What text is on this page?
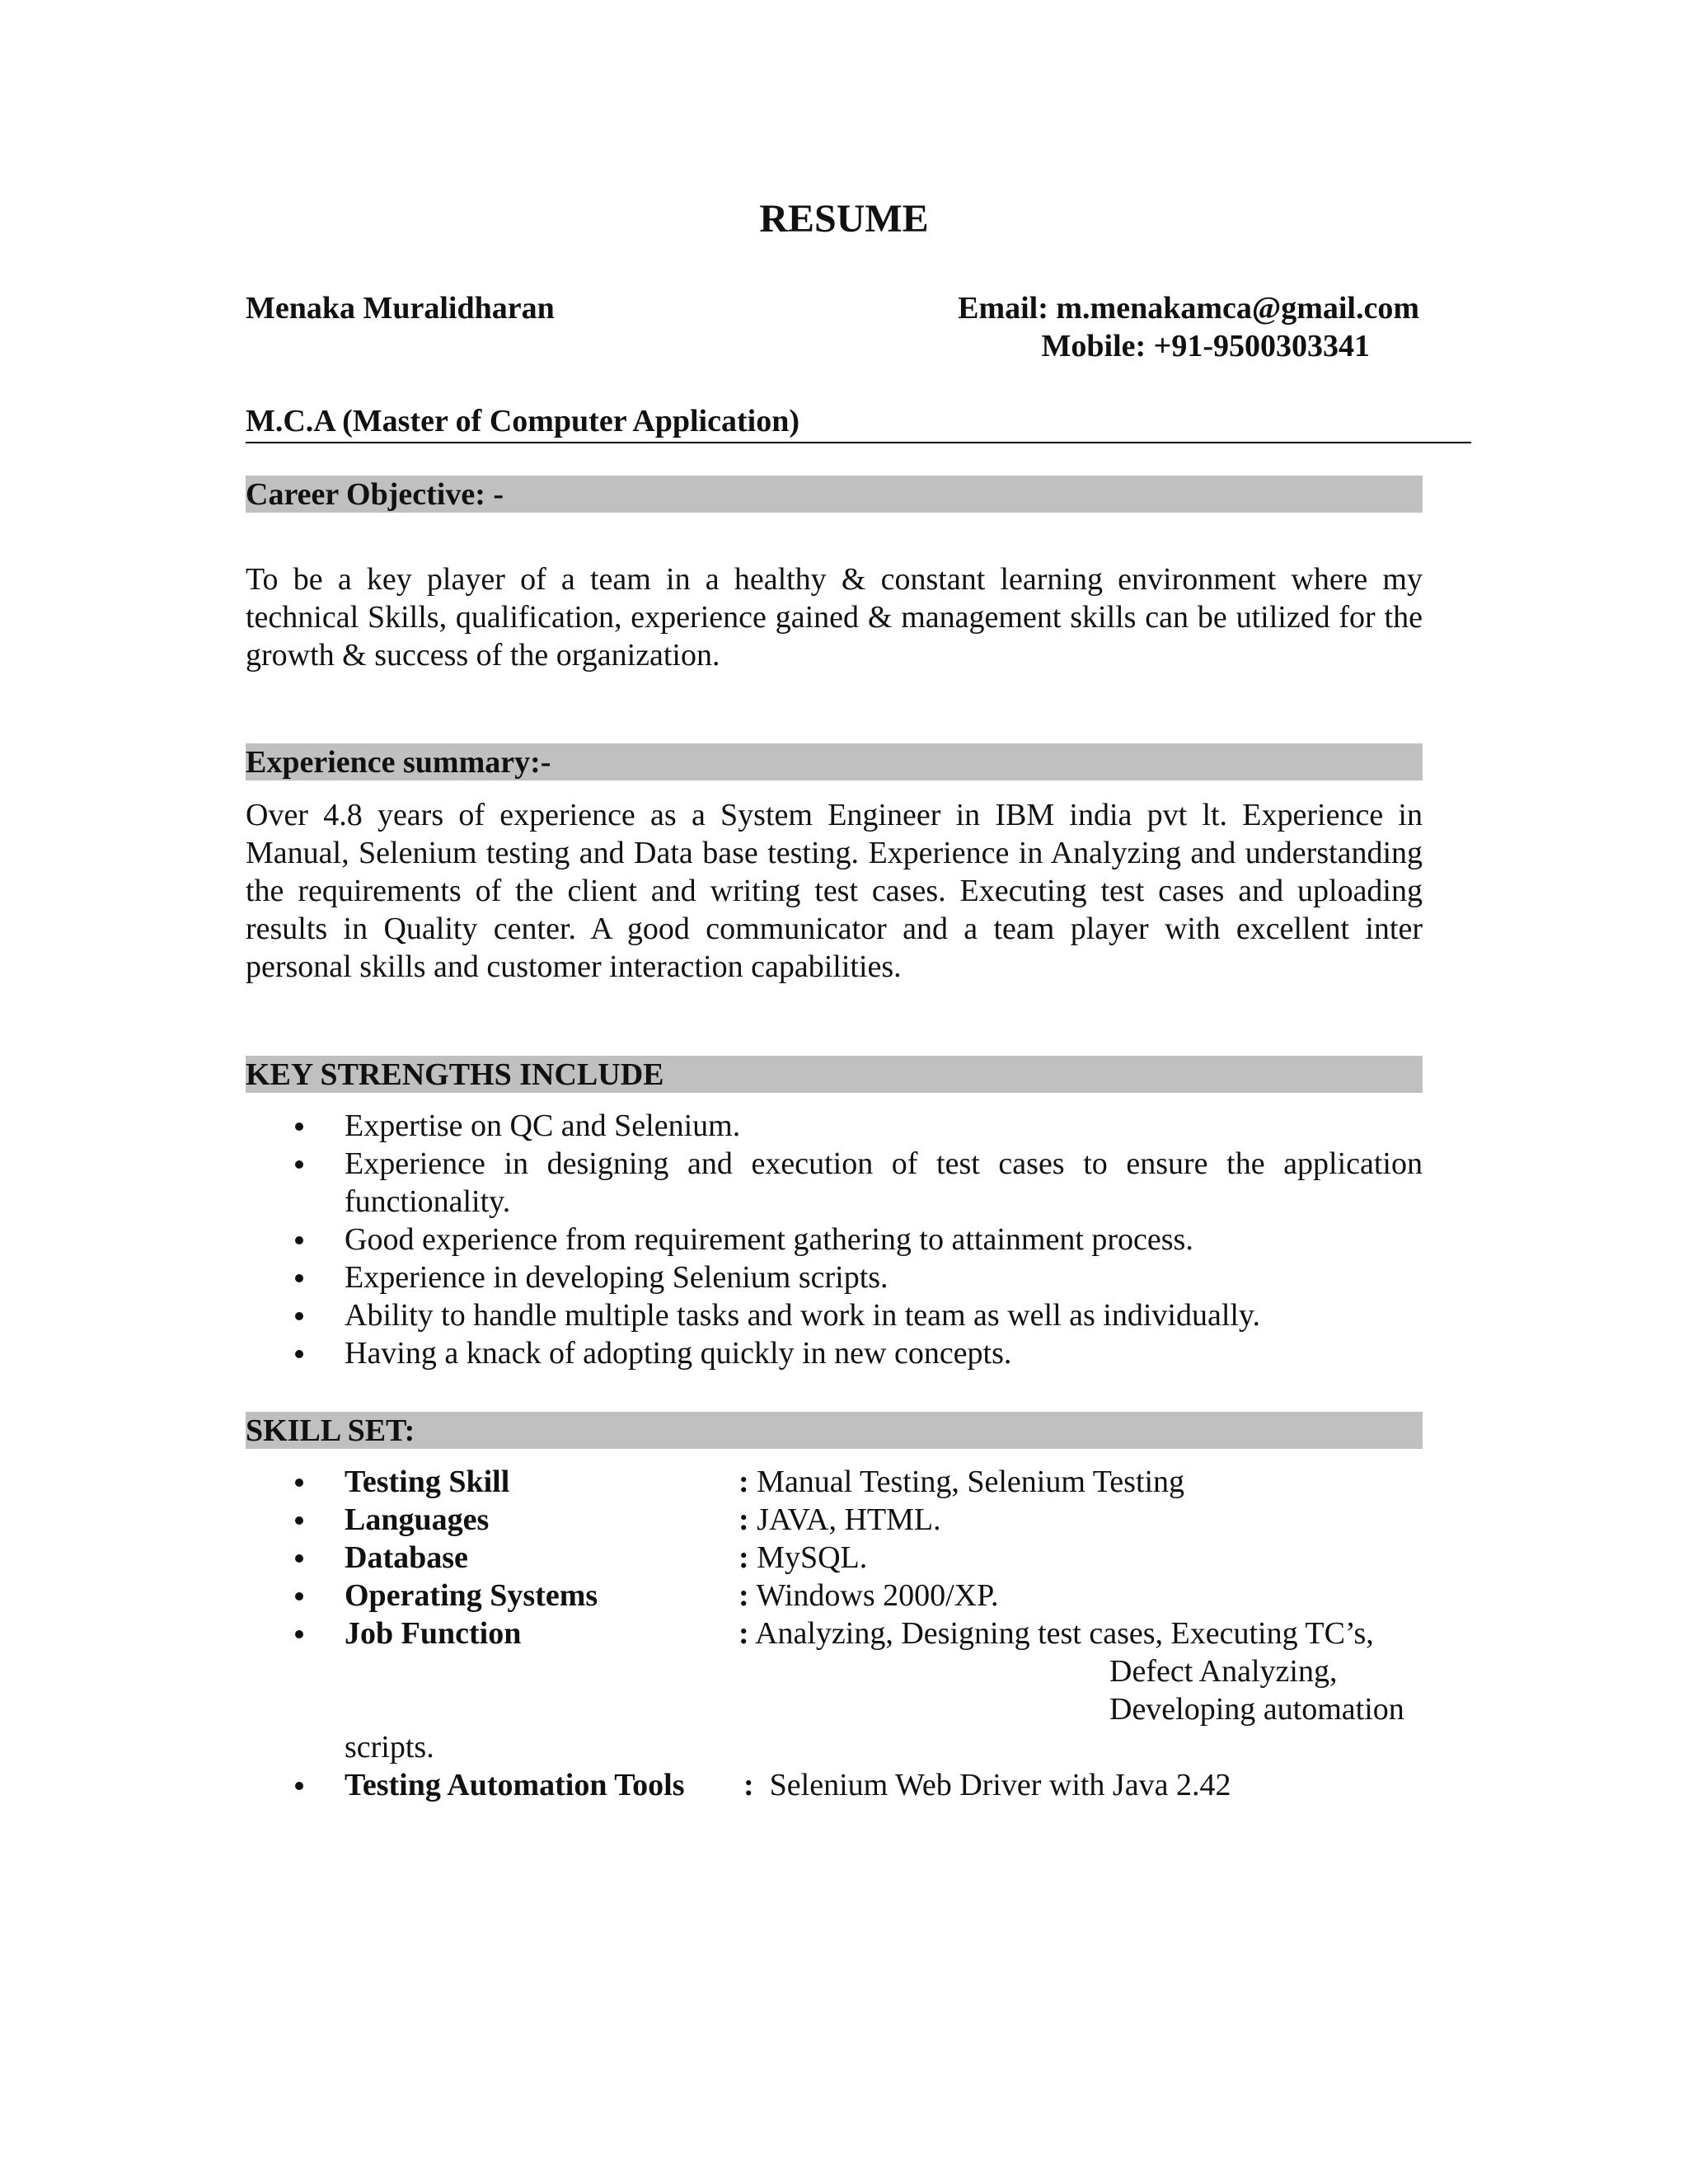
RESUME
Menaka Muralidharan	Email: m.menakamca@gmail.com
Mobile: +91-9500303341
M.C.A (Master of Computer Application)
Career Objective: -
To be a key player of a team in a healthy & constant learning environment where my technical Skills, qualification, experience gained & management skills can be utilized for the growth & success of the organization.
Experience summary:-
Over 4.8 years of experience as a System Engineer in IBM india pvt lt. Experience in Manual, Selenium testing and Data base testing. Experience in Analyzing and understanding the requirements of the client and writing test cases. Executing test cases and uploading results in Quality center. A good communicator and a team player with excellent inter personal skills and customer interaction capabilities.
KEY STRENGTHS INCLUDE
Expertise on QC and Selenium.
Experience in designing and execution of test cases to ensure the application functionality.
Good experience from requirement gathering to attainment process.
Experience in developing Selenium scripts.
Ability to handle multiple tasks and work in team as well as individually.
Having a knack of adopting quickly in new concepts.
SKILL SET:
Testing Skill	: Manual Testing, Selenium Testing
Languages	: JAVA, HTML.
Database	: MySQL.
Operating Systems	: Windows 2000/XP.
Job Function	: Analyzing, Designing test cases, Executing TC’s,
Defect Analyzing, Developing automation
scripts.
Testing Automation Tools : Selenium Web Driver with Java 2.42
